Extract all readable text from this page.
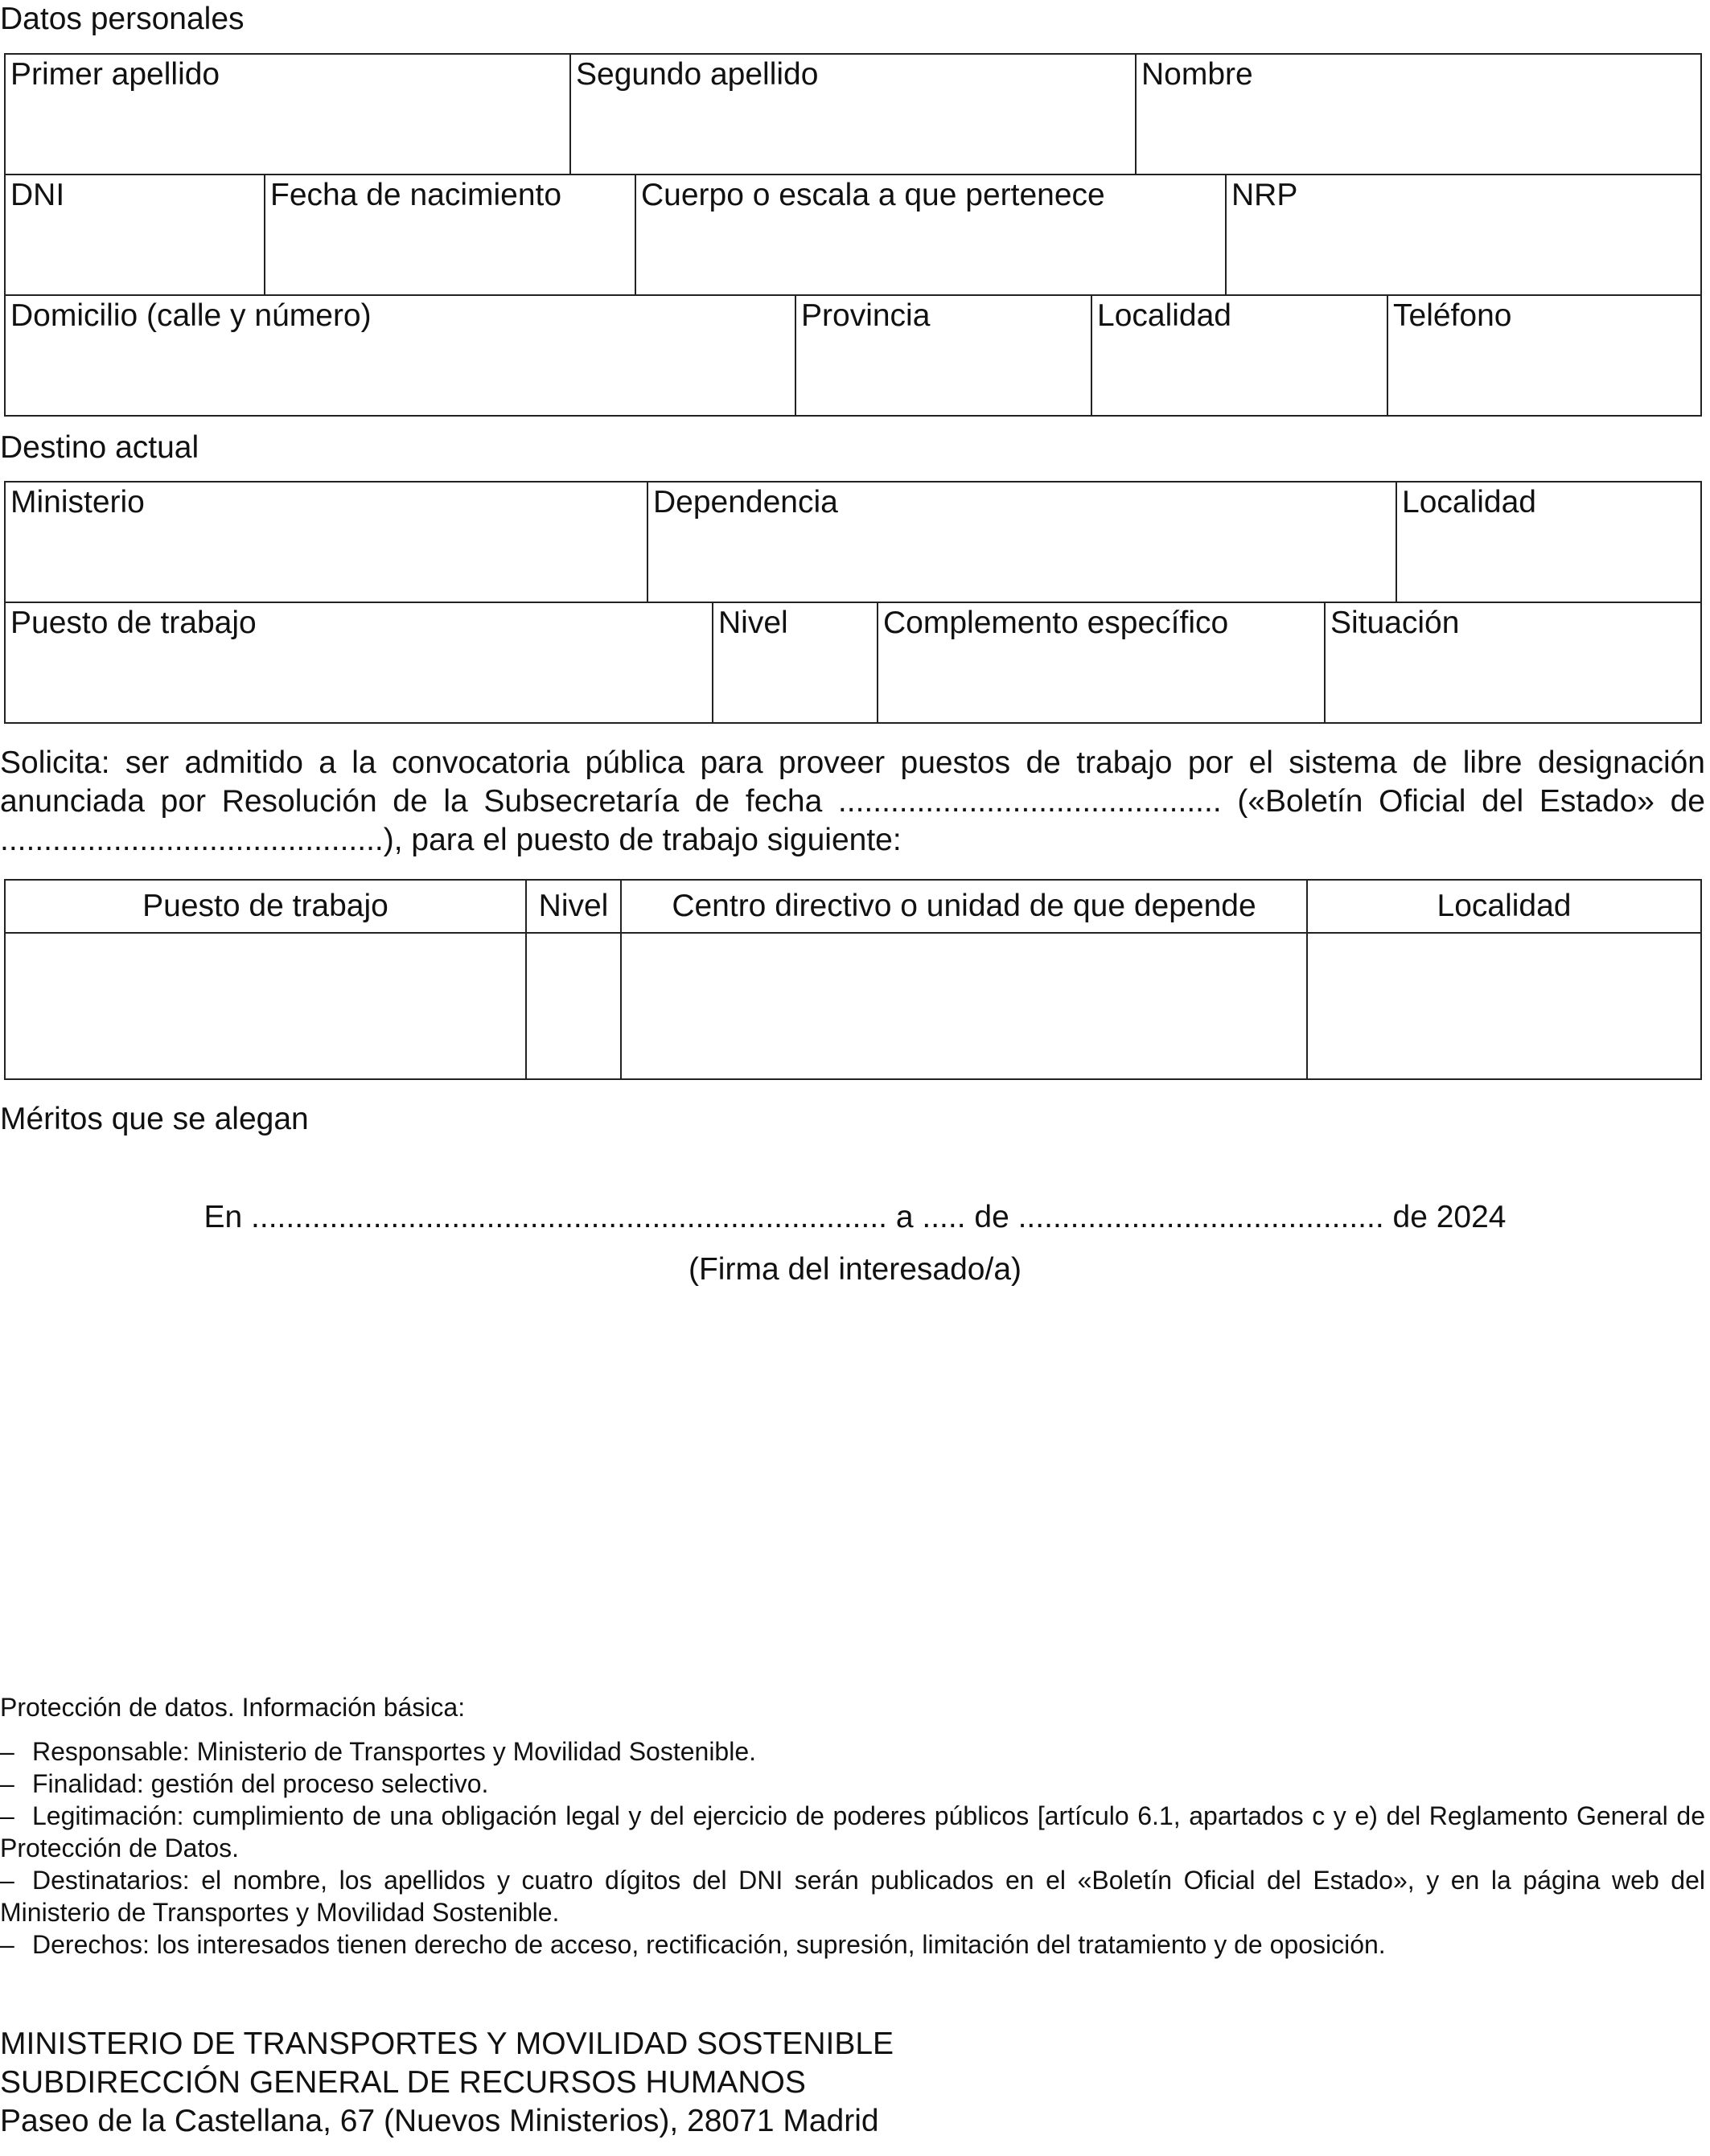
Datos personales
Primer apellido	Segundo apellido	Nombre
DNI	Fecha de nacimiento	Cuerpo o escala a que pertenece	NRP
Domicilio (calle y número)	Provincia	Localidad	Teléfono
Destino actual
Ministerio	Dependencia	Localidad
Puesto de trabajo	Nivel	Complemento específico	Situación
Solicita: ser admitido a la convocatoria pública para proveer puestos de trabajo por el sistema de libre designación anunciada por Resolución de la Subsecretaría de fecha ............................................ («Boletín Oficial del Estado» de ............................................), para el puesto de trabajo siguiente:
Puesto de trabajo	Nivel	Centro directivo o unidad de que depende	Localidad

Méritos que se alegan
En ......................................................................... a ..... de .......................................... de 2024
(Firma del interesado/a)
Protección de datos. Información básica:
– Responsable: Ministerio de Transportes y Movilidad Sostenible.
– Finalidad: gestión del proceso selectivo.
– Legitimación: cumplimiento de una obligación legal y del ejercicio de poderes públicos [artículo 6.1, apartados c y e) del Reglamento General de Protección de Datos.
– Destinatarios: el nombre, los apellidos y cuatro dígitos del DNI serán publicados en el «Boletín Oficial del Estado», y en la página web del Ministerio de Transportes y Movilidad Sostenible.
– Derechos: los interesados tienen derecho de acceso, rectificación, supresión, limitación del tratamiento y de oposición.
MINISTERIO DE TRANSPORTES Y MOVILIDAD SOSTENIBLE
SUBDIRECCIÓN GENERAL DE RECURSOS HUMANOS
Paseo de la Castellana, 67 (Nuevos Ministerios), 28071 Madrid
